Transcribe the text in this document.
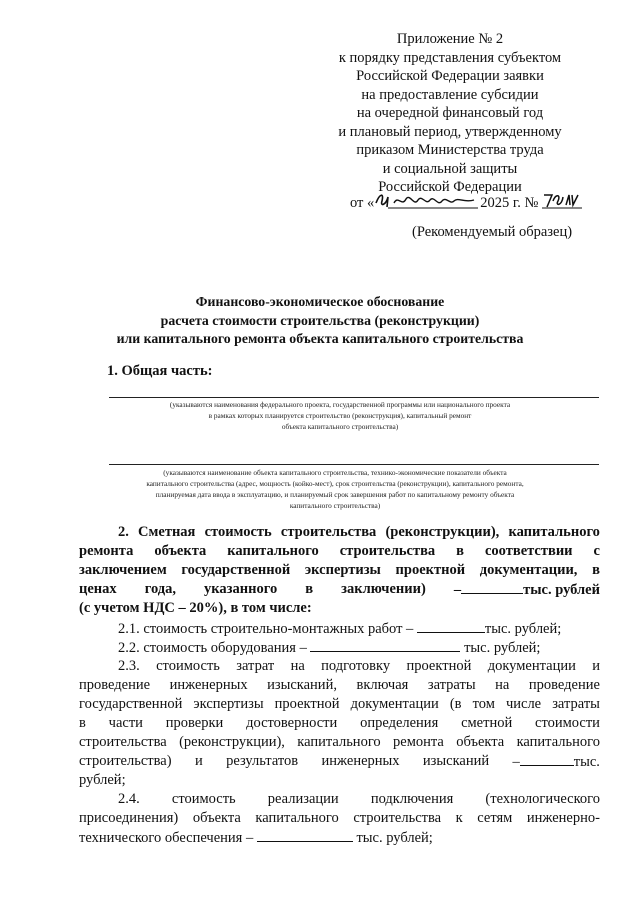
Приложение № 2
к порядку представления субъектом
Российской Федерации заявки
на предоставление субсидии
на очередной финансовый год
и плановый период, утвержденному
приказом Министерства труда
и социальной защиты
Российской Федерации
от «	2025 г. №
(Рекомендуемый образец)
Финансово-экономическое обоснование
расчета стоимости строительства (реконструкции)
или капитального ремонта объекта капитального строительства
1. Общая часть:
(указываются наименования федерального проекта, государственной программы или национального проекта
в рамках которых планируется строительство (реконструкция), капитальный ремонт
объекта капитального строительства)
(указываются наименование объекта капитального строительства, технико-экономические показатели объекта
капитального строительства (адрес, мощность (койко-мест), срок строительства (реконструкции), капитального ремонта,
планируемая дата ввода в эксплуатацию, и планируемый срок завершения работ по капитальному ремонту объекта
капитального строительства)
2. Сметная стоимость строительства (реконструкции), капитального
ремонта объекта капитального строительства в соответствии с
заключением государственной экспертизы проектной документации, в
ценах года, указанного в заключении) –	тыс. рублей
(с учетом НДС – 20%), в том числе:
2.1. стоимость строительно-монтажных работ –	тыс. рублей;
2.2. стоимость оборудования –	тыс. рублей;
2.3. стоимость затрат на подготовку проектной документации и
проведение инженерных изысканий, включая затраты на проведение
государственной экспертизы проектной документации (в том числе затраты
в части проверки достоверности определения сметной стоимости
строительства (реконструкции), капитального ремонта объекта капитального
строительства) и результатов инженерных изысканий –	тыс.
рублей;
2.4. стоимость реализации подключения (технологического
присоединения) объекта капитального строительства к сетям инженерно-
технического обеспечения –	тыс. рублей;
